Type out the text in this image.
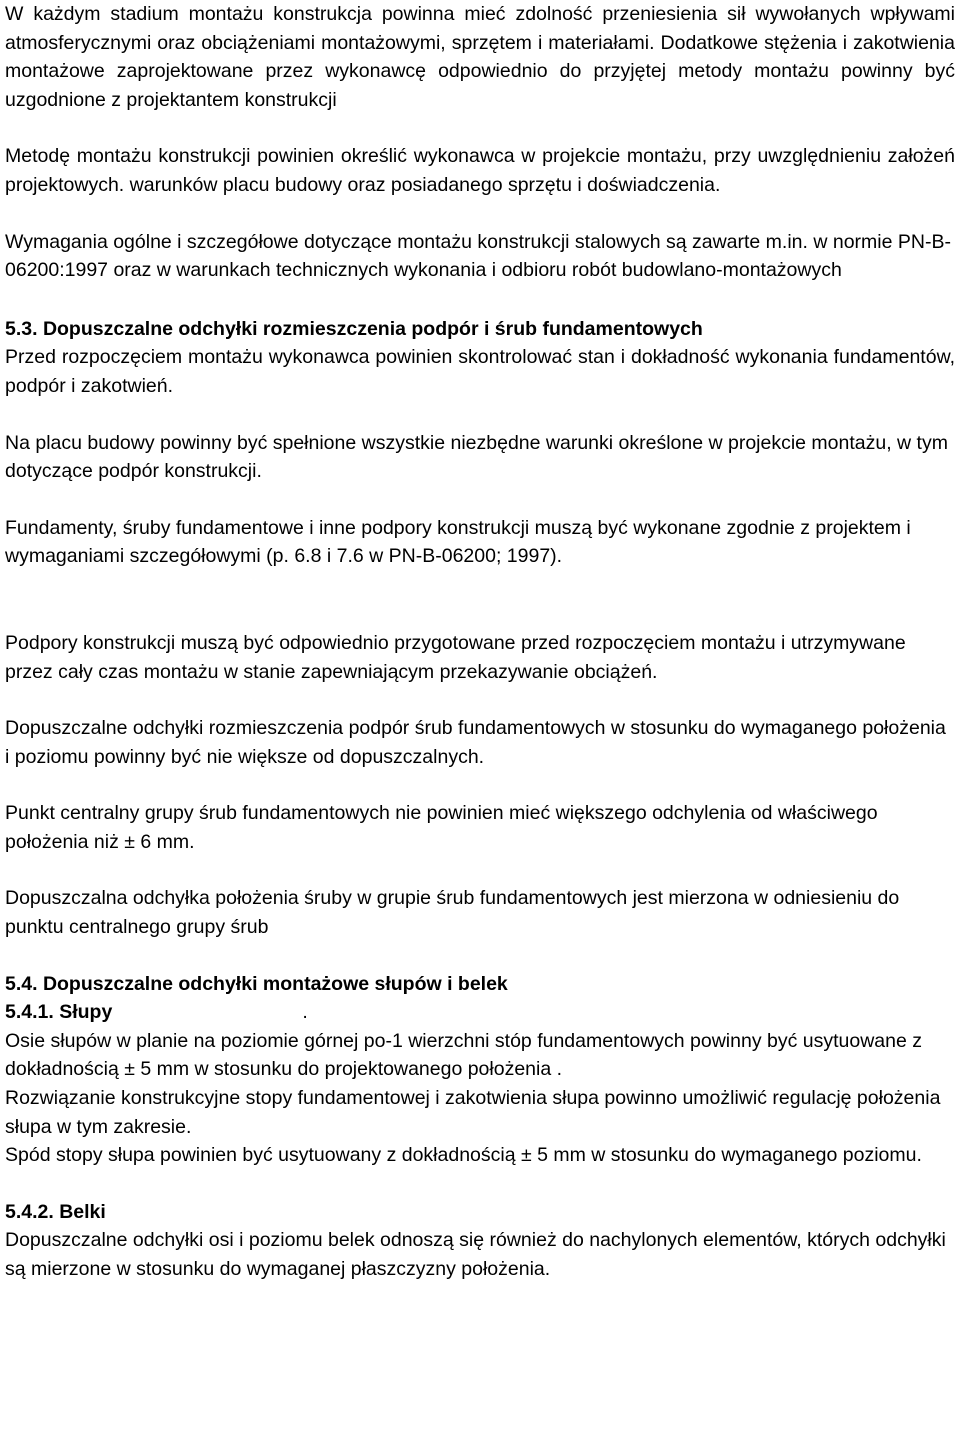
W każdym stadium montażu konstrukcja powinna mieć zdolność przeniesienia sił wywołanych wpływami atmosferycznymi oraz obciążeniami montażowymi, sprzętem i materiałami. Dodatkowe stężenia i zakotwienia montażowe zaprojektowane przez wykonawcę odpowiednio do przyjętej metody montażu powinny być uzgodnione z projektantem konstrukcji

Metodę montażu konstrukcji powinien określić wykonawca w projekcie montażu, przy uwzględnieniu założeń projektowych. warunków placu budowy oraz posiadanego sprzętu i doświadczenia.

Wymagania ogólne i szczegółowe dotyczące montażu konstrukcji stalowych są zawarte m.in. w normie PN-B-06200:1997 oraz w warunkach technicznych wykonania i odbioru robót budowlano-montażowych

5.3. Dopuszczalne odchyłki rozmieszczenia podpór i śrub fundamentowych

Przed rozpoczęciem montażu wykonawca powinien skontrolować stan i dokładność wykonania fundamentów, podpór i zakotwień.

Na placu budowy powinny być spełnione wszystkie niezbędne warunki określone w projekcie montażu, w tym dotyczące podpór konstrukcji.

Fundamenty, śruby fundamentowe i inne podpory konstrukcji muszą być wykonane zgodnie z projektem i wymaganiami szczegółowymi (p. 6.8 i 7.6 w PN-B-06200; 1997).

Podpory konstrukcji muszą być odpowiednio przygotowane przed rozpoczęciem montażu i utrzymywane przez cały czas montażu w stanie zapewniającym przekazywanie obciążeń.

Dopuszczalne odchyłki rozmieszczenia podpór śrub fundamentowych w stosunku do wymaganego położenia i poziomu powinny być nie większe od dopuszczalnych.

Punkt centralny grupy śrub fundamentowych nie powinien mieć większego odchylenia od właściwego położenia niż ± 6 mm.

Dopuszczalna odchyłka położenia śruby w grupie śrub fundamentowych jest mierzona w odniesieniu do punktu centralnego grupy śrub

5.4. Dopuszczalne odchyłki montażowe słupów i belek

5.4.1. Słupy	.

Osie słupów w planie na poziomie górnej po-1 wierzchni stóp fundamentowych powinny być usytuowane z dokładnością ± 5 mm w stosunku do projektowanego położenia .

Rozwiązanie konstrukcyjne stopy fundamentowej i zakotwienia słupa powinno umożliwić regulację położenia słupa w tym zakresie.

Spód stopy słupa powinien być usytuowany z dokładnością ± 5 mm w stosunku do wymaganego poziomu.

5.4.2. Belki

Dopuszczalne odchyłki osi i poziomu belek odnoszą się również do nachylonych elementów, których odchyłki są mierzone w stosunku do wymaganej płaszczyzny położenia.
